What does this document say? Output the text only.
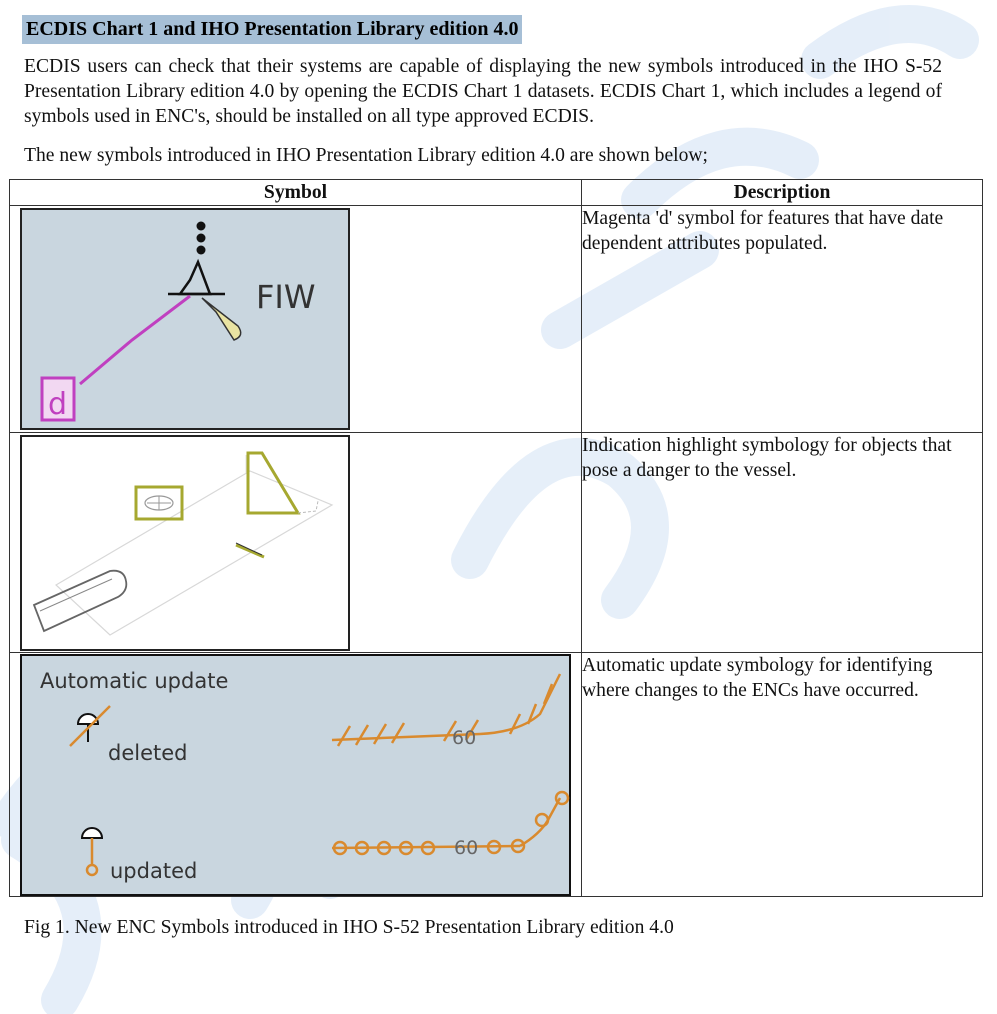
ECDIS Chart 1 and IHO Presentation Library edition 4.0

ECDIS users can check that their systems are capable of displaying the new symbols introduced in the IHO S-52 Presentation Library edition 4.0 by opening the ECDIS Chart 1 datasets. ECDIS Chart 1, which includes a legend of symbols used in ENC's, should be installed on all type approved ECDIS.

The new symbols introduced in IHO Presentation Library edition 4.0 are shown below;

Symbol	Description

d
FIW	Magenta 'd' symbol for features that have date dependent attributes populated.

	Indication highlight symbology for objects that pose a danger to the vessel.

Automatic update
deleted
60
updated
60	Automatic update symbology for identifying where changes to the ENCs have occurred.

Fig 1. New ENC Symbols introduced in IHO S-52 Presentation Library edition 4.0
